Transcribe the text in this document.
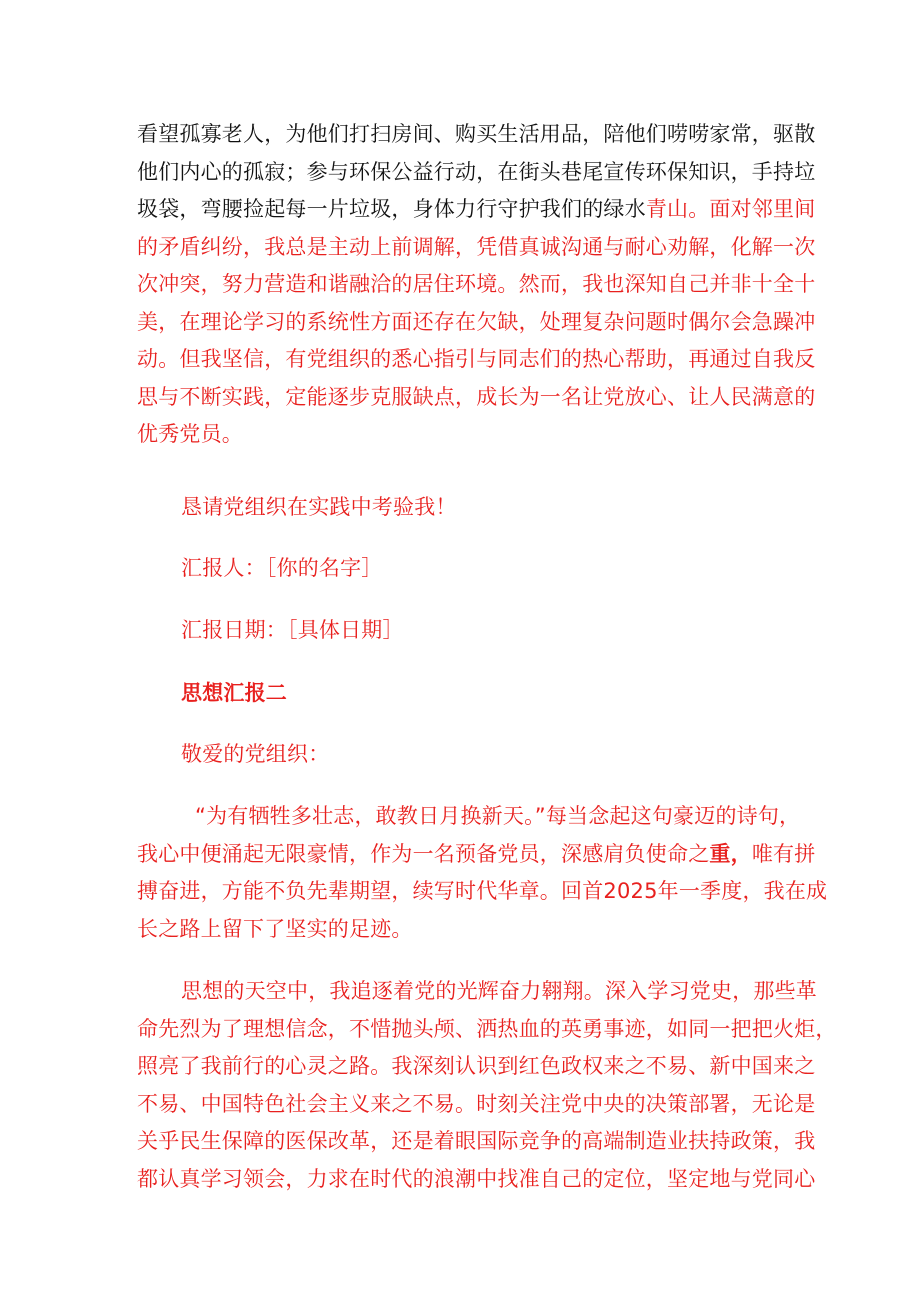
看望孤寡老人，为他们打扫房间、购买生活用品，陪他们唠唠家常，驱散
他们内心的孤寂；参与环保公益行动，在街头巷尾宣传环保知识，手持垃
圾袋，弯腰捡起每一片垃圾，身体力行守护我们的绿水青山。面对邻里间
的矛盾纠纷，我总是主动上前调解，凭借真诚沟通与耐心劝解，化解一次
次冲突，努力营造和谐融洽的居住环境。然而，我也深知自己并非十全十
美，在理论学习的系统性方面还存在欠缺，处理复杂问题时偶尔会急躁冲
动。但我坚信，有党组织的悉心指引与同志们的热心帮助，再通过自我反
思与不断实践，定能逐步克服缺点，成长为一名让党放心、让人民满意的
优秀党员。

恳请党组织在实践中考验我！

汇报人：［你的名字］

汇报日期：［具体日期］

思想汇报二

敬爱的党组织：

“为有牺牲多壮志，敢教日月换新天。”每当念起这句豪迈的诗句，
我心中便涌起无限豪情，作为一名预备党员，深感肩负使命之重，唯有拼
搏奋进，方能不负先辈期望，续写时代华章。回首2025年一季度，我在成
长之路上留下了坚实的足迹。
思想的天空中，我追逐着党的光辉奋力翱翔。深入学习党史，那些革
命先烈为了理想信念，不惜抛头颅、洒热血的英勇事迹，如同一把把火炬，
照亮了我前行的心灵之路。我深刻认识到红色政权来之不易、新中国来之
不易、中国特色社会主义来之不易。时刻关注党中央的决策部署，无论是
关乎民生保障的医保改革，还是着眼国际竞争的高端制造业扶持政策，我
都认真学习领会，力求在时代的浪潮中找准自己的定位，坚定地与党同心
